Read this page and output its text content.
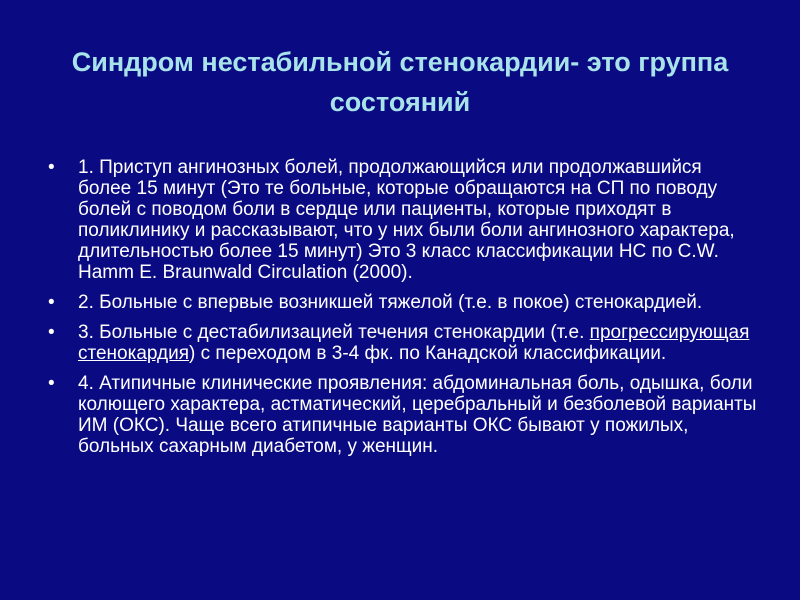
Синдром нестабильной стенокардии- это группа состояний
•	1. Приступ ангинозных болей, продолжающийся или продолжавшийся более 15 минут (Это те больные, которые обращаются на СП по поводу болей с поводом боли в сердце или пациенты, которые приходят в поликлинику и рассказывают, что у них были боли ангинозного характера, длительностью более 15 минут) Это 3 класс классификации НС по C.W. Hamm E. Braunwald Circulation (2000).
•	2. Больные с впервые возникшей тяжелой (т.е. в покое) стенокардией.
•	3. Больные с дестабилизацией течения стенокардии (т.е. прогрессирующая стенокардия) с переходом в 3-4 фк. по Канадской классификации.
•	4. Атипичные клинические проявления: абдоминальная боль, одышка, боли колющего характера, астматический, церебральный и безболевой варианты ИМ (ОКС). Чаще всего атипичные варианты ОКС бывают у пожилых, больных сахарным диабетом, у женщин.
